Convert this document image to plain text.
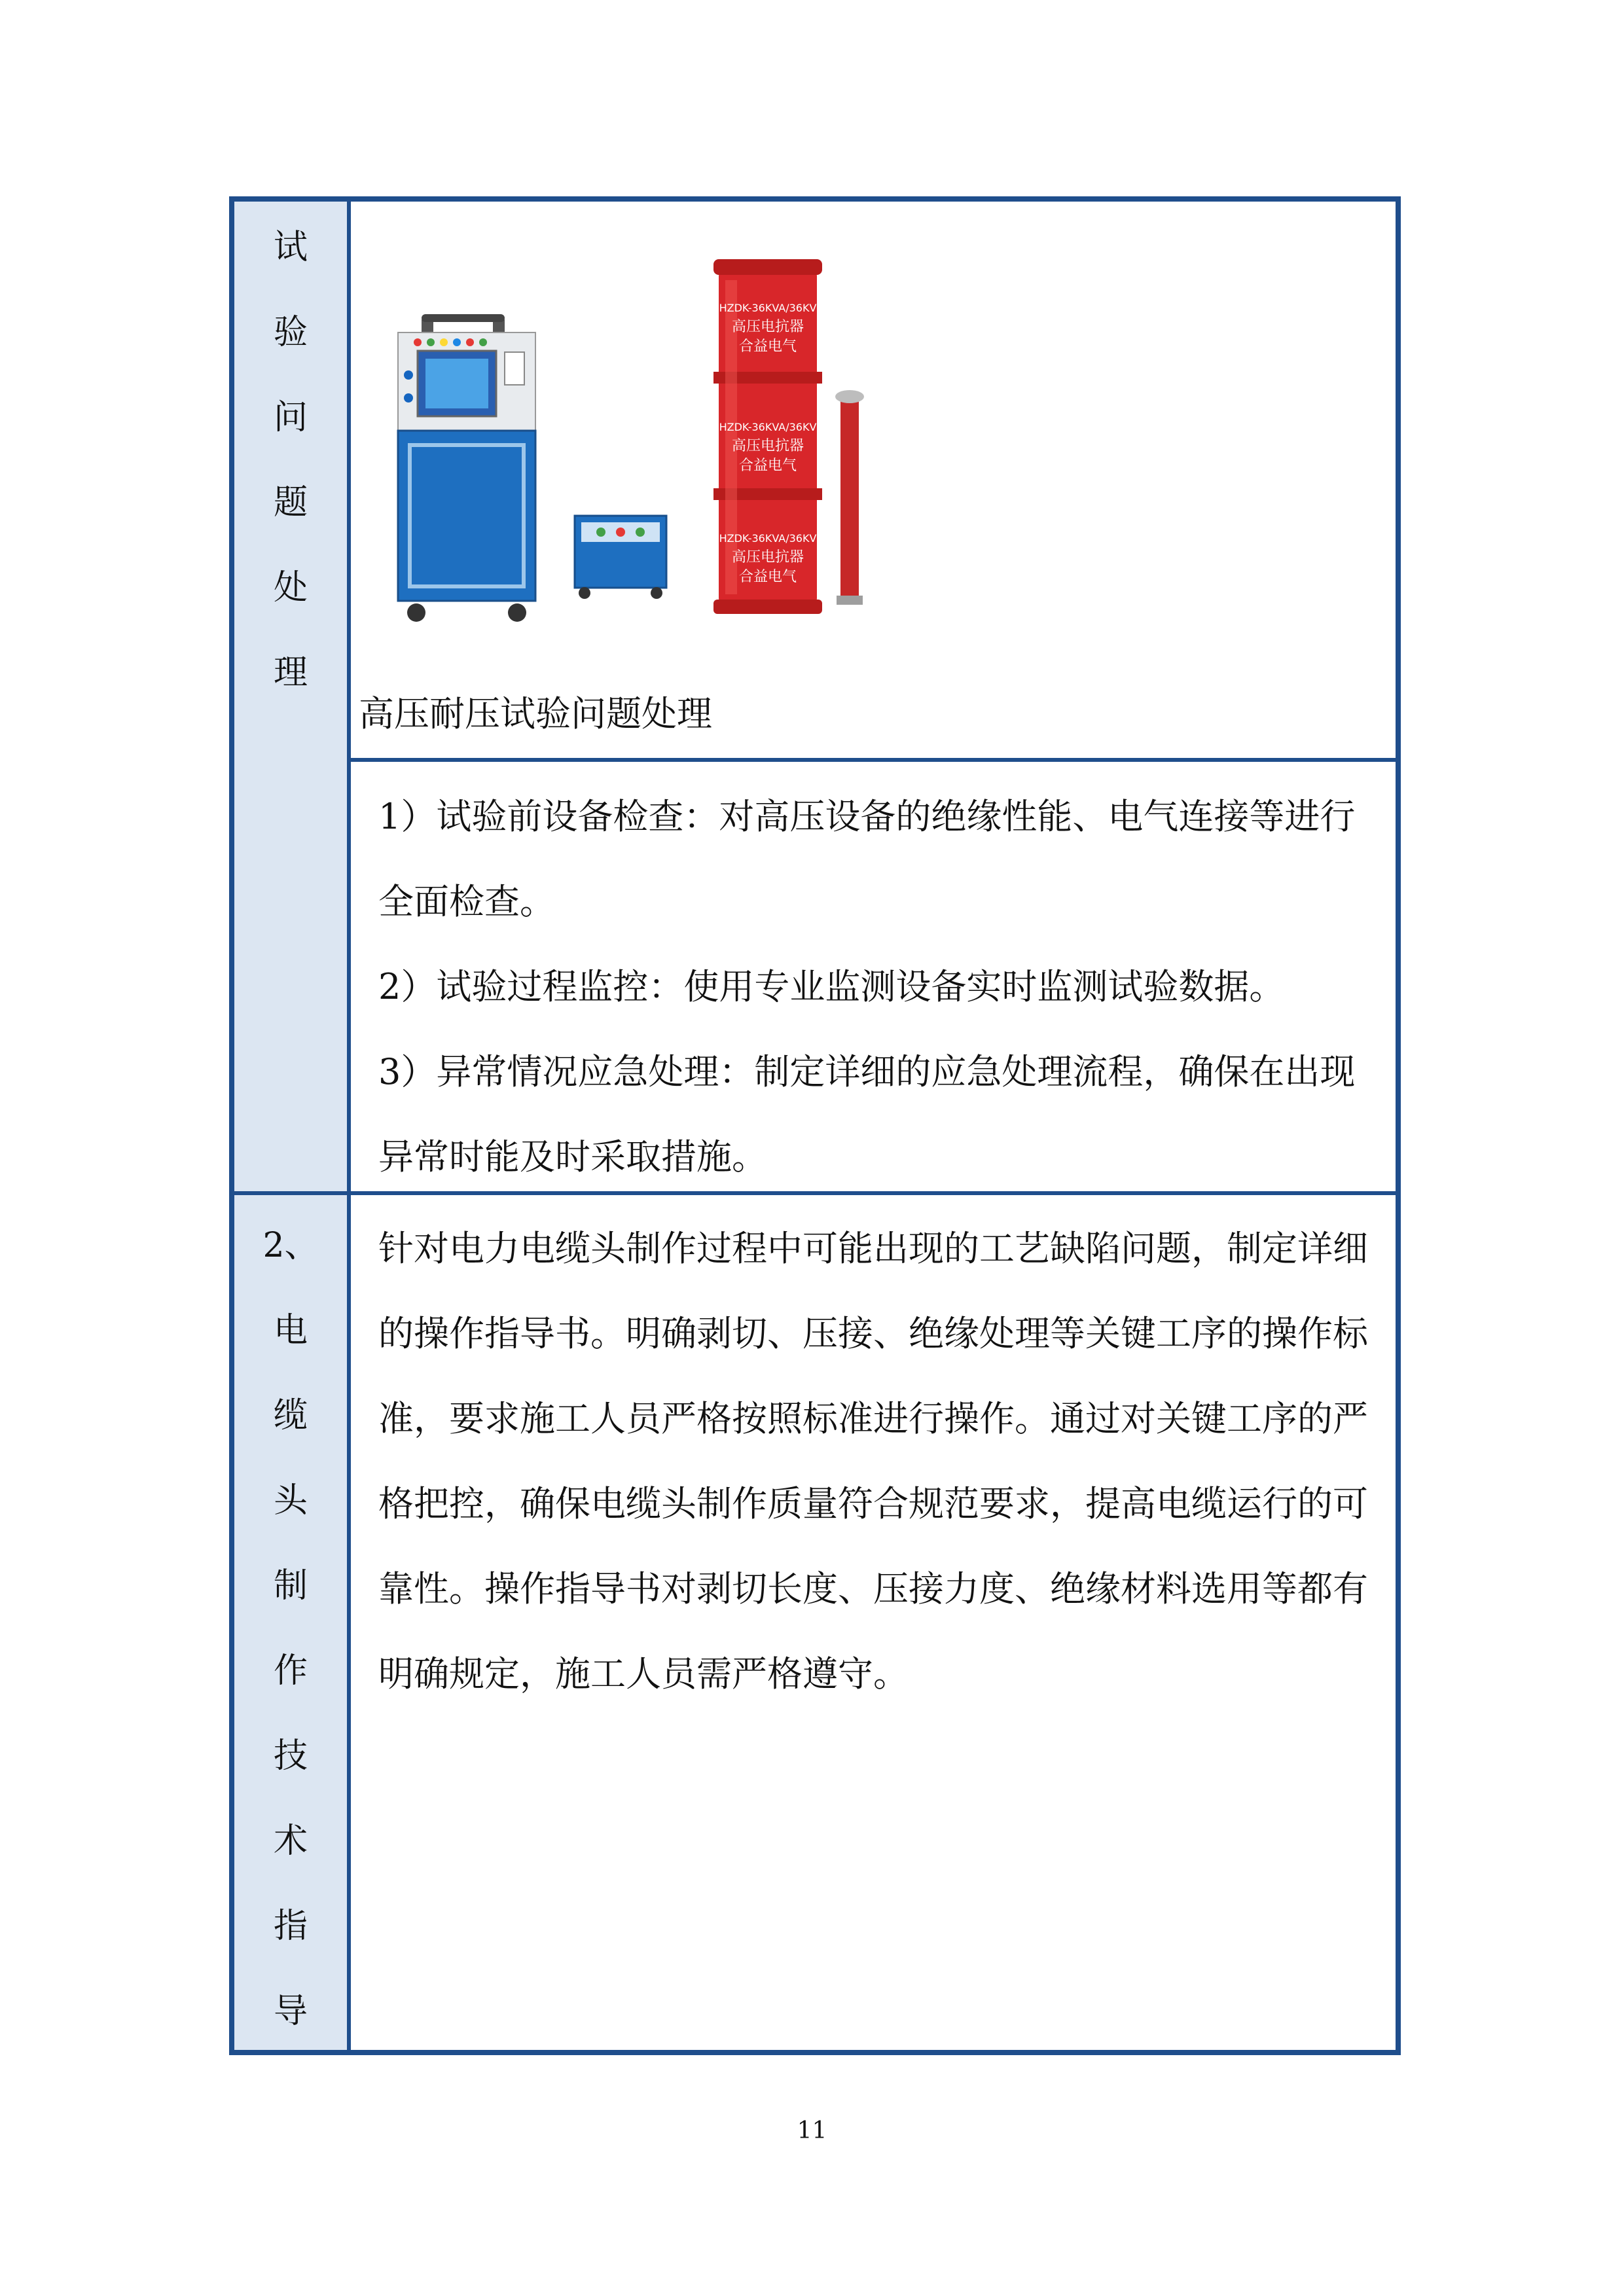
试
验
问
题
处
理
HZDK-36KVA/36KV
高压电抗器
合益电气
HZDK-36KVA/36KV
高压电抗器
合益电气
HZDK-36KVA/36KV
高压电抗器
合益电气
高压耐压试验问题处理

1）试验前设备检查：对高压设备的绝缘性能、电气连接等进行全面检查。

2）试验过程监控：使用专业监测设备实时监测试验数据。

3）异常情况应急处理：制定详细的应急处理流程，确保在出现异常时能及时采取措施。

2、
电
缆
头
制
作
技
术
指
导

针对电力电缆头制作过程中可能出现的工艺缺陷问题，制定详细的操作指导书。明确剥切、压接、绝缘处理等关键工序的操作标准，要求施工人员严格按照标准进行操作。通过对关键工序的严格把控，确保电缆头制作质量符合规范要求，提高电缆运行的可靠性。操作指导书对剥切长度、压接力度、绝缘材料选用等都有明确规定，施工人员需严格遵守。

11
